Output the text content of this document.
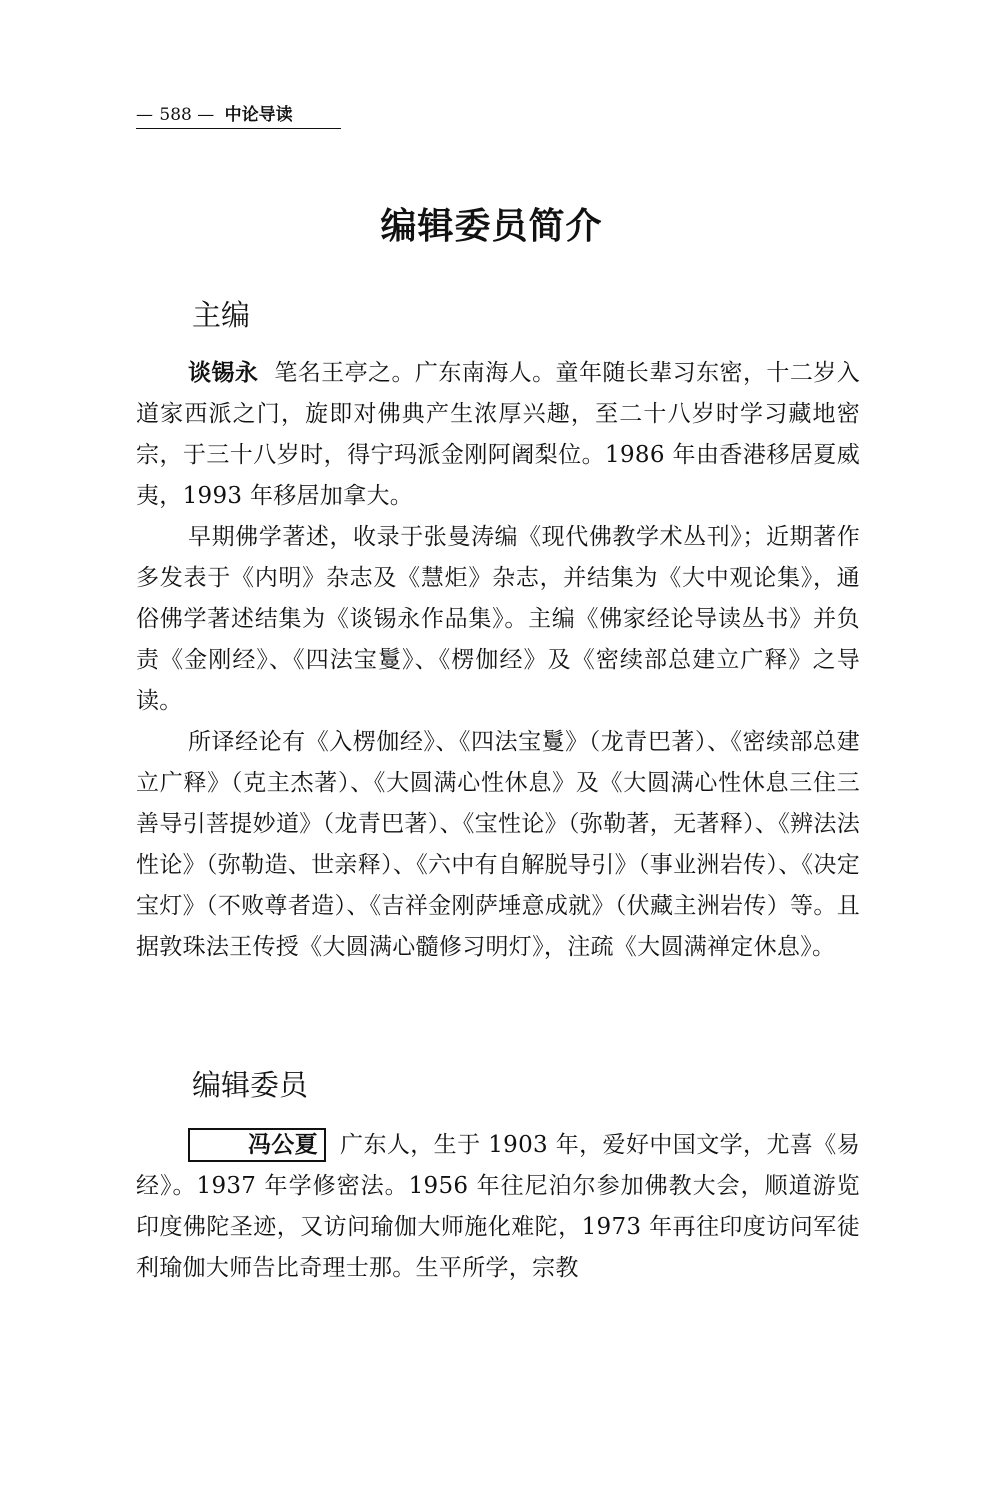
— 588 — 中论导读
编辑委员简介
主编
谈锡永 笔名王亭之。广东南海人。童年随长辈习东密，十二岁入道家西派之门，旋即对佛典产生浓厚兴趣，至二十八岁时学习藏地密宗，于三十八岁时，得宁玛派金刚阿阇梨位。1986 年由香港移居夏威夷，1993 年移居加拿大。
早期佛学著述，收录于张曼涛编《现代佛教学术丛刊》；近期著作多发表于《内明》杂志及《慧炬》杂志，并结集为《大中观论集》，通俗佛学著述结集为《谈锡永作品集》。主编《佛家经论导读丛书》并负责《金刚经》、《四法宝鬘》、《楞伽经》及《密续部总建立广释》之导读。
所译经论有《入楞伽经》、《四法宝鬘》（龙青巴著）、《密续部总建立广释》（克主杰著）、《大圆满心性休息》及《大圆满心性休息三住三善导引菩提妙道》（龙青巴著）、《宝性论》（弥勒著，无著释）、《辨法法性论》（弥勒造、世亲释）、《六中有自解脱导引》（事业洲岩传）、《决定宝灯》（不败尊者造）、《吉祥金刚萨埵意成就》（伏藏主洲岩传）等。且据敦珠法王传授《大圆满心髓修习明灯》，注疏《大圆满禅定休息》。
编辑委员
冯公夏 广东人，生于 1903 年，爱好中国文学，尤喜《易经》。1937 年学修密法。1956 年往尼泊尔参加佛教大会，顺道游览印度佛陀圣迹，又访问瑜伽大师施化难陀，1973 年再往印度访问军徒利瑜伽大师告比奇理士那。生平所学，宗教
